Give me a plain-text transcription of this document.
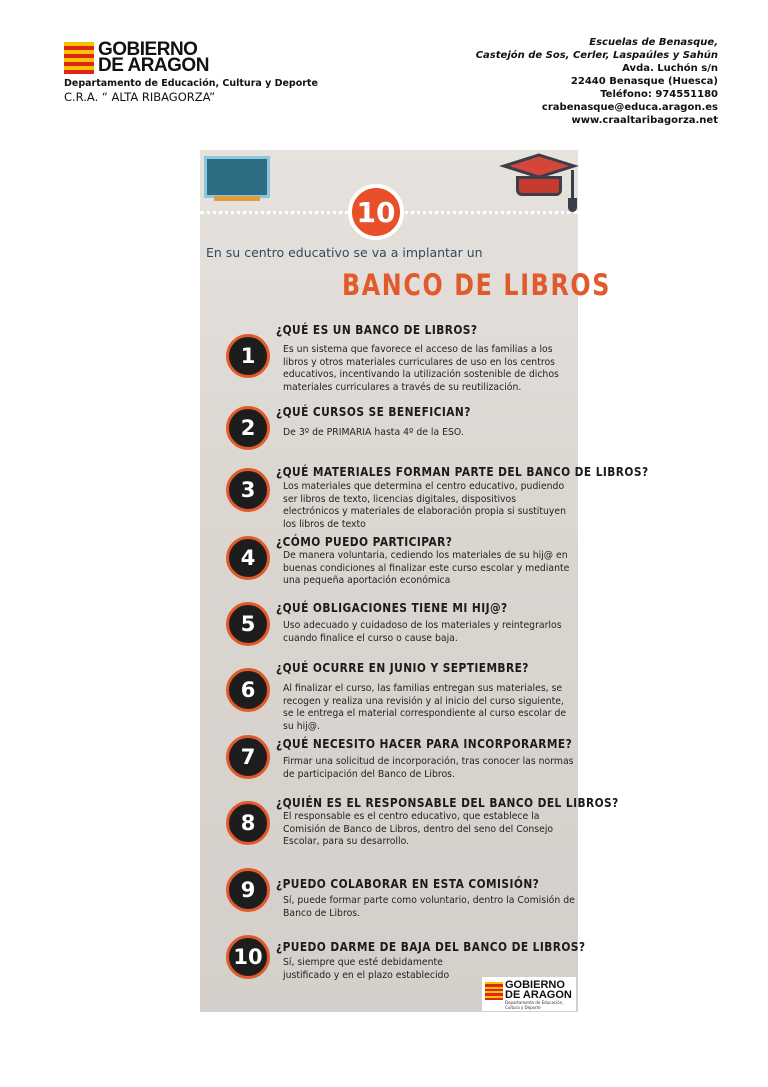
GOBIERNO
DE ARAGON
Departamento de Educación, Cultura y Deporte
C.R.A. “ ALTA RIBAGORZA”
Escuelas de Benasque,
Castejón de Sos, Cerler, Laspaúles y Sahún
Avda. Luchón s/n
22440 Benasque (Huesca)
Teléfono: 974551180
crabenasque@educa.aragon.es
www.craaltaribagorza.net
10
En su centro educativo se va a implantar un
BANCO DE LIBROS
1
¿QUÉ ES UN BANCO DE LIBROS?
Es un sistema que favorece el acceso de las familias a los libros y otros materiales curriculares de uso en los centros educativos, incentivando la utilización sostenible de dichos materiales curriculares a través de su reutilización.
2
¿QUÉ CURSOS SE BENEFICIAN?
De 3º de PRIMARIA hasta 4º de la ESO.
3
¿QUÉ MATERIALES FORMAN PARTE DEL BANCO DE LIBROS?
Los materiales que determina el centro educativo, pudiendo ser libros de texto, licencias digitales, dispositivos electrónicos y materiales de elaboración propia si sustituyen los libros de texto
4
¿CÓMO PUEDO PARTICIPAR?
De manera voluntaria, cediendo los materiales de su hij@ en buenas condiciones al finalizar este curso escolar y mediante una pequeña aportación económica
5
¿QUÉ OBLIGACIONES TIENE MI HIJ@?
Uso adecuado y cuidadoso de los materiales y reintegrarlos cuando finalice el curso o cause baja.
6
¿QUÉ OCURRE EN JUNIO Y SEPTIEMBRE?
Al finalizar el curso, las familias entregan sus materiales, se recogen y realiza una revisión y al inicio del curso siguiente, se le entrega el material correspondiente al curso escolar de su hij@.
7
¿QUÉ NECESITO HACER PARA INCORPORARME?
Firmar una solicitud de incorporación, tras conocer las normas de participación del Banco de Libros.
8
¿QUIÉN ES EL RESPONSABLE DEL BANCO DEL LIBROS?
El responsable es el centro educativo, que establece la Comisión de Banco de Libros, dentro del seno del Consejo Escolar, para su desarrollo.
9	¿PUEDO COLABORAR EN ESTA COMISIÓN?
Sí, puede formar parte como voluntario, dentro la Comisión de Banco de Libros.
10	¿PUEDO DARME DE BAJA DEL BANCO DE LIBROS?
Sí, siempre que esté debidamente justificado y en el plazo establecido
GOBIERNO
DE ARAGON
Departamento de Educación, Cultura y Deporte
